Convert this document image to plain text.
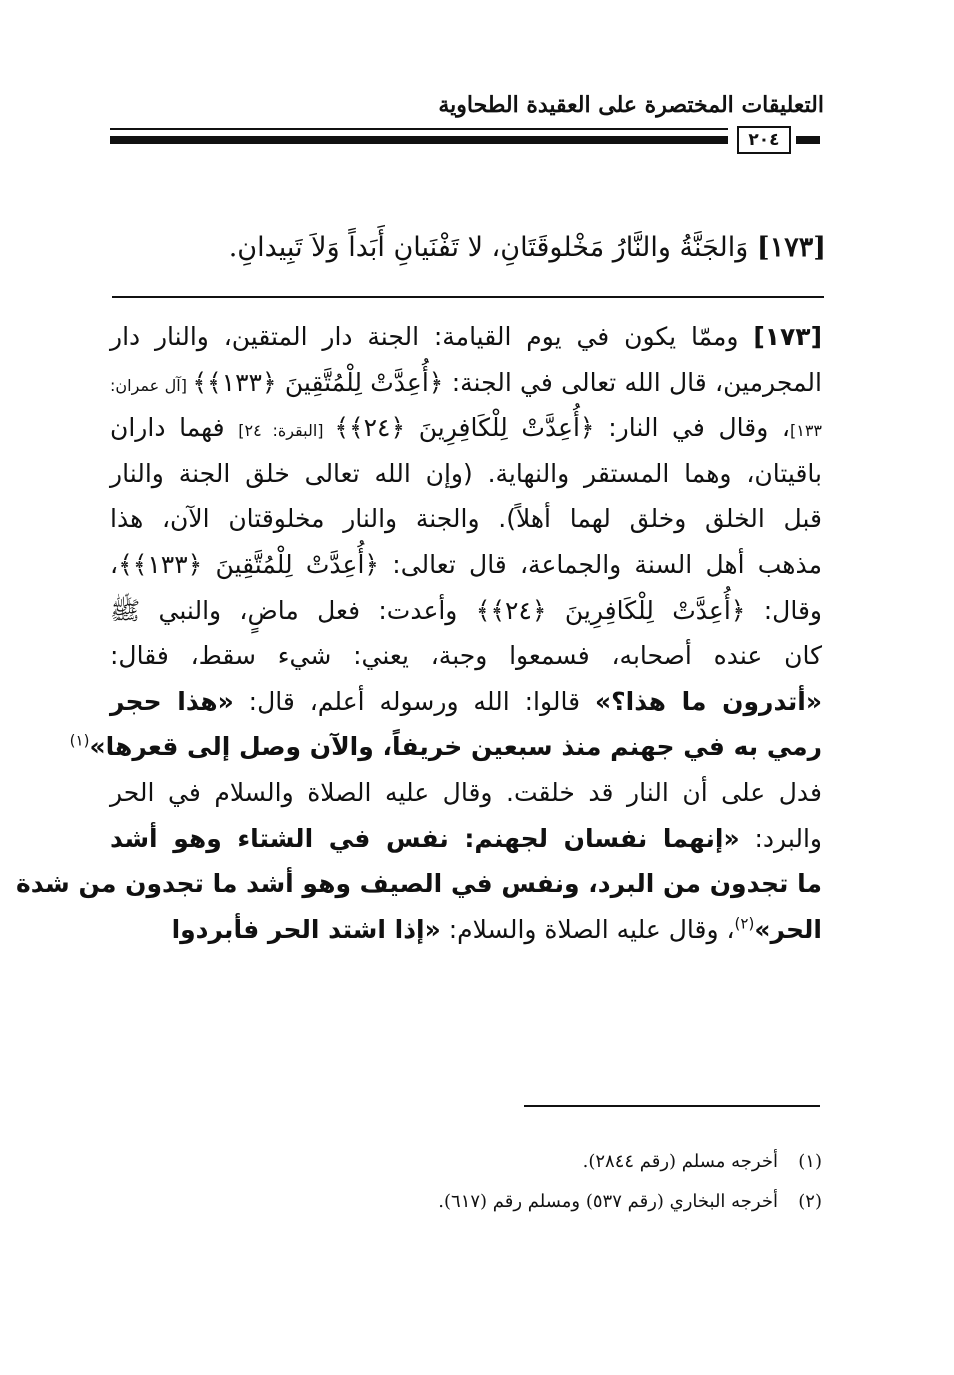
التعليقات المختصرة على العقيدة الطحاوية
٢٠٤
[١٧٣] وَالجَنَّةُ والنَّارُ مَخْلوقَتَانِ، لا تَفْنَيانِ أَبَداً وَلاَ تَبِيدانِ.
[١٧٣] وممّا يكون في يوم القيامة: الجنة دار المتقين، والنار دار
المجرمين، قال الله تعالى في الجنة: ﴿أُعِدَّتْ لِلْمُتَّقِينَ ﴿١٣٣﴾﴾ [آل عمران:
١٣٣]، وقال في النار: ﴿أُعِدَّتْ لِلْكَافِرِينَ ﴿٢٤﴾﴾ [البقرة: ٢٤] فهما داران
باقيتان، وهما المستقر والنهاية. (وإن الله تعالى خلق الجنة والنار
قبل الخلق وخلق لهما أهلاً). والجنة والنار مخلوقتان الآن، هذا
مذهب أهل السنة والجماعة، قال تعالى: ﴿أُعِدَّتْ لِلْمُتَّقِينَ ﴿١٣٣﴾﴾،
وقال: ﴿أُعِدَّتْ لِلْكَافِرِينَ ﴿٢٤﴾﴾ وأعدت: فعل ماضٍ، والنبي ﷺ
كان عنده أصحابه، فسمعوا وجبة، يعني: شيء سقط، فقال:
«أتدرون ما هذا؟» قالوا: الله ورسوله أعلم، قال: «هذا حجر
رمي به في جهنم منذ سبعين خريفاً، والآن وصل إلى قعرها»$^{(١)}$
فدل على أن النار قد خلقت. وقال عليه الصلاة والسلام في الحر
والبرد: «إنهما نفسان لجهنم: نفس في الشتاء وهو أشد
ما تجدون من البرد، ونفس في الصيف وهو أشد ما تجدون من شدة
الحر»$^{(٢)}$، وقال عليه الصلاة والسلام: «إذا اشتد الحر فأبردوا
(١)أخرجه مسلم (رقم ٢٨٤٤).
(٢)أخرجه البخاري (رقم ٥٣٧) ومسلم رقم (٦١٧).
